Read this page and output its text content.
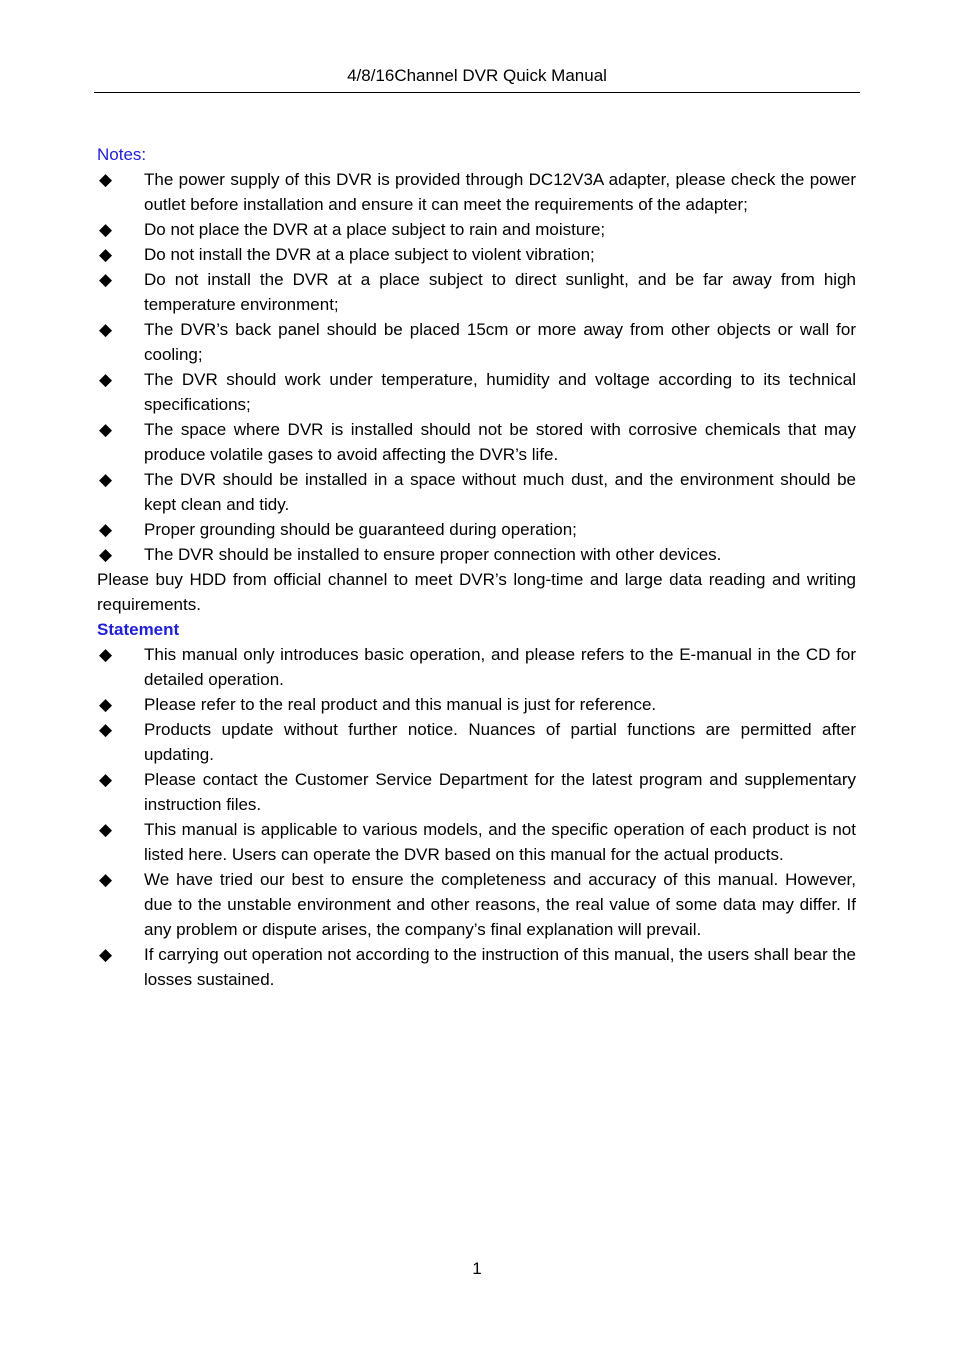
4/8/16Channel DVR Quick Manual

Notes:

◆ The power supply of this DVR is provided through DC12V3A adapter, please check the power outlet before installation and ensure it can meet the requirements of the adapter;
◆ Do not place the DVR at a place subject to rain and moisture;
◆ Do not install the DVR at a place subject to violent vibration;
◆ Do not install the DVR at a place subject to direct sunlight, and be far away from high temperature environment;
◆ The DVR’s back panel should be placed 15cm or more away from other objects or wall for cooling;
◆ The DVR should work under temperature, humidity and voltage according to its technical specifications;
◆ The space where DVR is installed should not be stored with corrosive chemicals that may produce volatile gases to avoid affecting the DVR’s life.
◆ The DVR should be installed in a space without much dust, and the environment should be kept clean and tidy.
◆ Proper grounding should be guaranteed during operation;
◆ The DVR should be installed to ensure proper connection with other devices.

Please buy HDD from official channel to meet DVR’s long-time and large data reading and writing requirements.

Statement

◆ This manual only introduces basic operation, and please refers to the E-manual in the CD for detailed operation.
◆ Please refer to the real product and this manual is just for reference.
◆ Products update without further notice. Nuances of partial functions are permitted after updating.
◆ Please contact the Customer Service Department for the latest program and supplementary instruction files.
◆ This manual is applicable to various models, and the specific operation of each product is not listed here. Users can operate the DVR based on this manual for the actual products.
◆ We have tried our best to ensure the completeness and accuracy of this manual. However, due to the unstable environment and other reasons, the real value of some data may differ. If any problem or dispute arises, the company’s final explanation will prevail.
◆ If carrying out operation not according to the instruction of this manual, the users shall bear the losses sustained.
1
